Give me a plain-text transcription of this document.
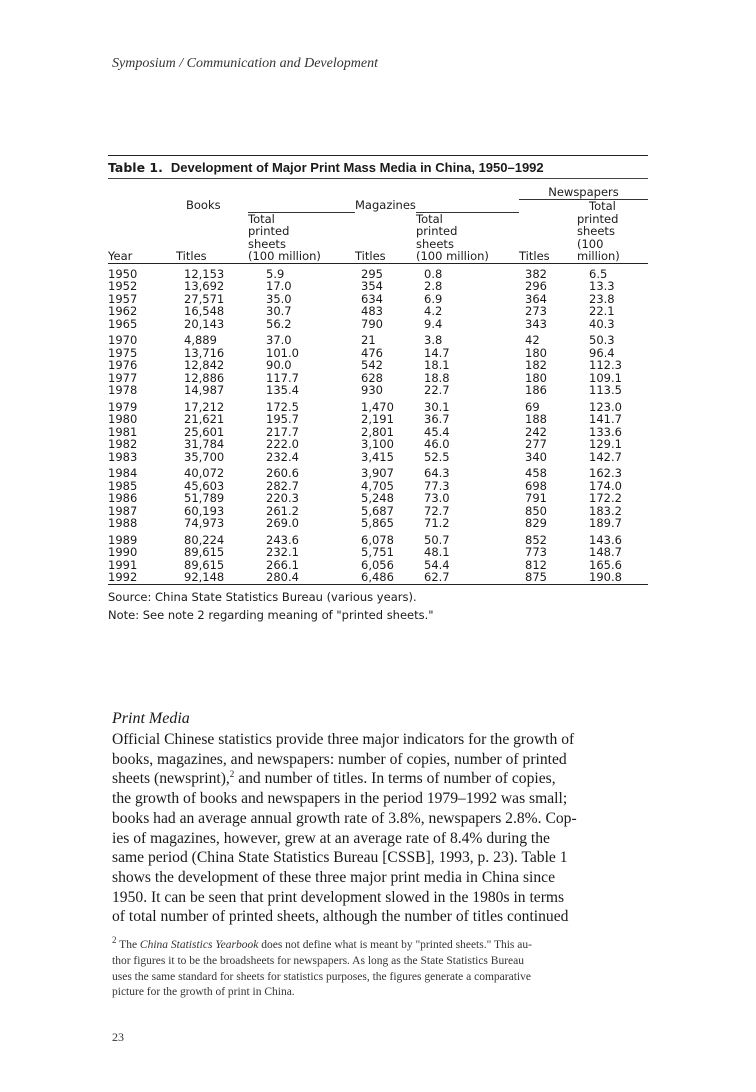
Symposium / Communication and Development
Table 1. Development of Major Print Mass Media in China, 1950–1992
					Newspapers	
	Books		Magazines			Total
		Total		Total		printed
		printed		printed		sheets
		sheets		sheets		(100
Year	Titles	(100 million)	Titles	(100 million)	Titles	million)
1950	12,153	5.9	295	0.8	382	6.5
1952	13,692	17.0	354	2.8	296	13.3
1957	27,571	35.0	634	6.9	364	23.8
1962	16,548	30.7	483	4.2	273	22.1
1965	20,143	56.2	790	9.4	343	40.3
1970	4,889	37.0	21	3.8	42	50.3
1975	13,716	101.0	476	14.7	180	96.4
1976	12,842	90.0	542	18.1	182	112.3
1977	12,886	117.7	628	18.8	180	109.1
1978	14,987	135.4	930	22.7	186	113.5
1979	17,212	172.5	1,470	30.1	69	123.0
1980	21,621	195.7	2,191	36.7	188	141.7
1981	25,601	217.7	2,801	45.4	242	133.6
1982	31,784	222.0	3,100	46.0	277	129.1
1983	35,700	232.4	3,415	52.5	340	142.7
1984	40,072	260.6	3,907	64.3	458	162.3
1985	45,603	282.7	4,705	77.3	698	174.0
1986	51,789	220.3	5,248	73.0	791	172.2
1987	60,193	261.2	5,687	72.7	850	183.2
1988	74,973	269.0	5,865	71.2	829	189.7
1989	80,224	243.6	6,078	50.7	852	143.6
1990	89,615	232.1	5,751	48.1	773	148.7
1991	89,615	266.1	6,056	54.4	812	165.6
1992	92,148	280.4	6,486	62.7	875	190.8
Source: China State Statistics Bureau (various years).
Note: See note 2 regarding meaning of "printed sheets."
Print Media
Official Chinese statistics provide three major indicators for the growth of
books, magazines, and newspapers: number of copies, number of printed
sheets (newsprint),$^2$ and number of titles. In terms of number of copies,
the growth of books and newspapers in the period 1979–1992 was small;
books had an average annual growth rate of 3.8%, newspapers 2.8%. Cop-
ies of magazines, however, grew at an average rate of 8.4% during the
same period (China State Statistics Bureau [CSSB], 1993, p. 23). Table 1
shows the development of these three major print media in China since
1950. It can be seen that print development slowed in the 1980s in terms
of total number of printed sheets, although the number of titles continued
$^2$ The China Statistics Yearbook does not define what is meant by "printed sheets." This au-
thor figures it to be the broadsheets for newspapers. As long as the State Statistics Bureau
uses the same standard for sheets for statistics purposes, the figures generate a comparative
picture for the growth of print in China.
23
